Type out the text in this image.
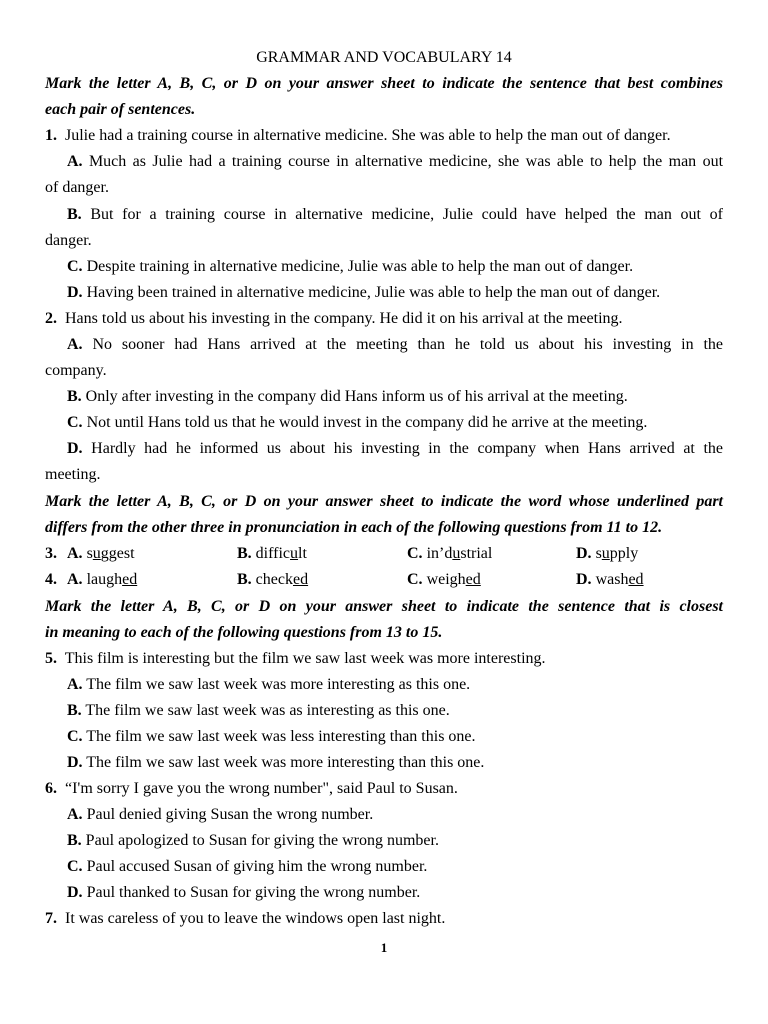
GRAMMAR AND VOCABULARY 14
Mark the letter A, B, C, or D on your answer sheet to indicate the sentence that best combines
each pair of sentences.
1. Julie had a training course in alternative medicine. She was able to help the man out of danger.
A. Much as Julie had a training course in alternative medicine, she was able to help the man out
of danger.
B. But for a training course in alternative medicine, Julie could have helped the man out of
danger.
C. Despite training in alternative medicine, Julie was able to help the man out of danger.
D. Having been trained in alternative medicine, Julie was able to help the man out of danger.
2. Hans told us about his investing in the company. He did it on his arrival at the meeting.
A. No sooner had Hans arrived at the meeting than he told us about his investing in the
company.
B. Only after investing in the company did Hans inform us of his arrival at the meeting.
C. Not until Hans told us that he would invest in the company did he arrive at the meeting.
D. Hardly had he informed us about his investing in the company when Hans arrived at the
meeting.
Mark the letter A, B, C, or D on your answer sheet to indicate the word whose underlined part
differs from the other three in pronunciation in each of the following questions from 11 to 12.
3. A. suggest	B. difficult	C. in’dustrial	D. supply
4. A. laughed	B. checked	C. weighed	D. washed
Mark the letter A, B, C, or D on your answer sheet to indicate the sentence that is closest
in meaning to each of the following questions from 13 to 15.
5. This film is interesting but the film we saw last week was more interesting.
A. The film we saw last week was more interesting as this one.
B. The film we saw last week was as interesting as this one.
C. The film we saw last week was less interesting than this one.
D. The film we saw last week was more interesting than this one.
6. “I'm sorry I gave you the wrong number", said Paul to Susan.
A. Paul denied giving Susan the wrong number.
B. Paul apologized to Susan for giving the wrong number.
C. Paul accused Susan of giving him the wrong number.
D. Paul thanked to Susan for giving the wrong number.
7. It was careless of you to leave the windows open last night.
1
